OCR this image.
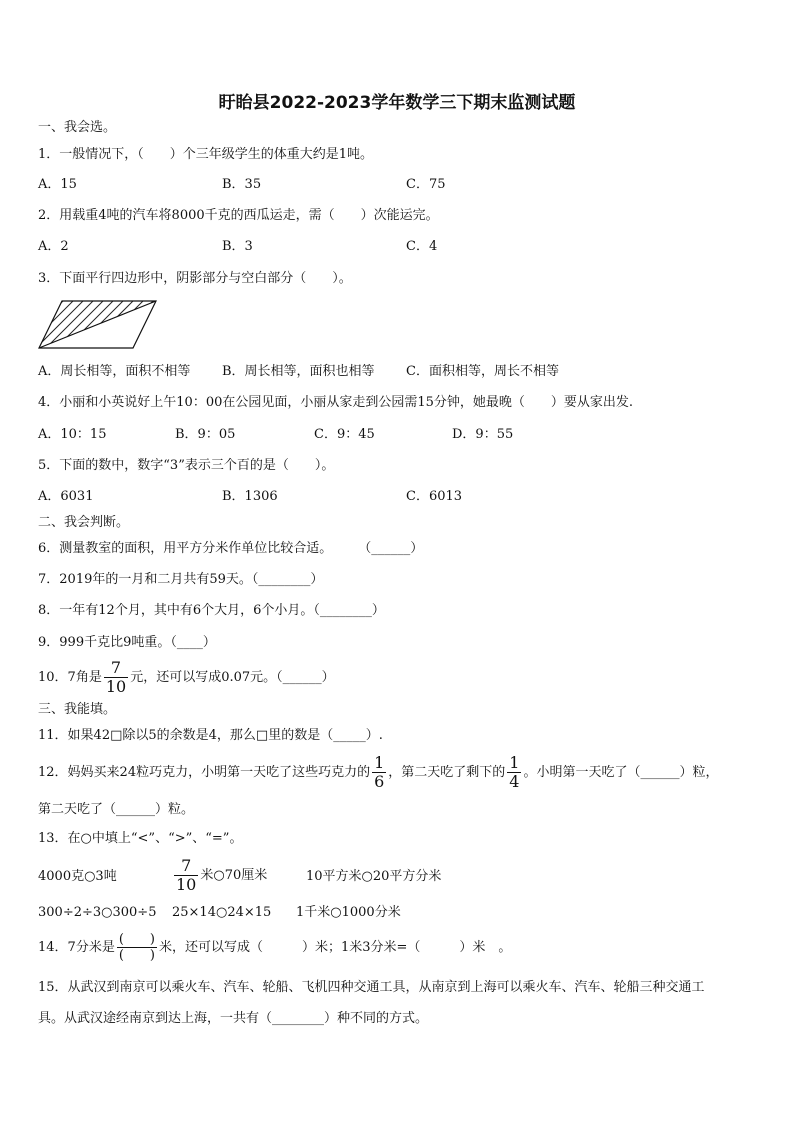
盱眙县2022-2023学年数学三下期末监测试题
一、我会选。
1．一般情况下，（　　）个三年级学生的体重大约是1吨。
A．15	B．35	C．75
2．用载重4吨的汽车将8000千克的西瓜运走，需（　　）次能运完。
A．2	B．3	C．4
3．下面平行四边形中，阴影部分与空白部分（　　）。
A．周长相等，面积不相等 B．周长相等，面积也相等 C．面积相等，周长不相等
4．小丽和小英说好上午10：00在公园见面，小丽从家走到公园需15分钟，她最晚（　　）要从家出发.
A．10：15	B．9：05	C．9：45	D．9：55
5．下面的数中，数字“3”表示三个百的是（　　）。
A．6031	B．1306	C．6013
二、我会判断。
6．测量教室的面积，用平方分米作单位比较合适。　　　（______）
7．2019年的一月和二月共有59天。（________）
8．一年有12个月，其中有6个大月，6个小月。（________）
9．999千克比9吨重。（____）
10．7角是 $\frac{7}{10}$ 元，还可以写成0.07元。（______）
三、我能填。
11．如果42□除以5的余数是4，那么□里的数是（_____）.
12．妈妈买来24粒巧克力，小明第一天吃了这些巧克力的 $\frac{1}{6}$ ，第二天吃了剩下的 $\frac{1}{4}$ 。小明第一天吃了（______）粒，
第二天吃了（______）粒。
13．在○中填上“<”、“>”、“=”。
4000克○3吨	$\frac{7}{10}$ 米○70厘米	10平方米○20平方分米
300÷2÷3○300÷5 25×14○24×15 1千米○1000分米
14．7分米是 $\frac{( )}{( )}$ 米，还可以写成（　　　）米；1米3分米=（　　　）米　。
15．从武汉到南京可以乘火车、汽车、轮船、飞机四种交通工具，从南京到上海可以乘火车、汽车、轮船三种交通工
具。从武汉途经南京到达上海，一共有（________）种不同的方式。
